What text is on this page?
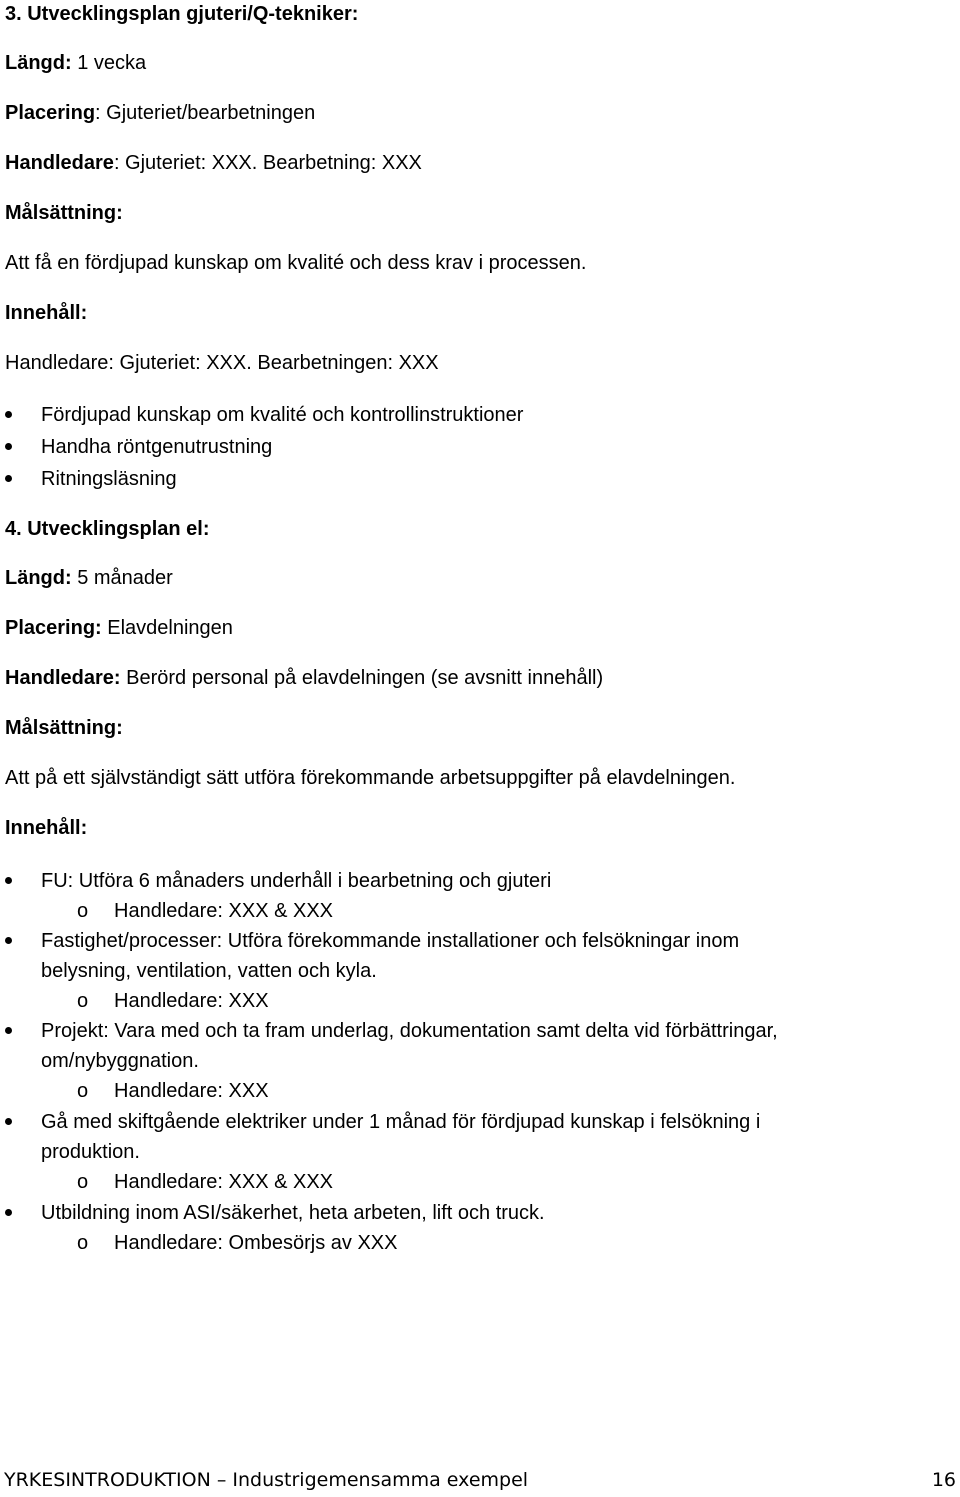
3. Utvecklingsplan gjuteri/Q-tekniker:
Längd: 1 vecka
Placering: Gjuteriet/bearbetningen
Handledare: Gjuteriet: XXX. Bearbetning: XXX
Målsättning:
Att få en fördjupad kunskap om kvalité och dess krav i processen.
Innehåll:
Handledare: Gjuteriet: XXX. Bearbetningen: XXX
Fördjupad kunskap om kvalité och kontrollinstruktioner
Handha röntgenutrustning
Ritningsläsning
4. Utvecklingsplan el:
Längd: 5 månader
Placering: Elavdelningen
Handledare: Berörd personal på elavdelningen (se avsnitt innehåll)
Målsättning:
Att på ett självständigt sätt utföra förekommande arbetsuppgifter på elavdelningen.
Innehåll:
FU: Utföra 6 månaders underhåll i bearbetning och gjuteri
o Handledare: XXX & XXX
Fastighet/processer: Utföra förekommande installationer och felsökningar inom
belysning, ventilation, vatten och kyla.
o Handledare: XXX
Projekt: Vara med och ta fram underlag, dokumentation samt delta vid förbättringar,
om/nybyggnation.
o Handledare: XXX
Gå med skiftgående elektriker under 1 månad för fördjupad kunskap i felsökning i
produktion.
o Handledare: XXX & XXX
Utbildning inom ASI/säkerhet, heta arbeten, lift och truck.
o Handledare: Ombesörjs av XXX
YRKESINTRODUKTION – Industrigemensamma exempel	16
